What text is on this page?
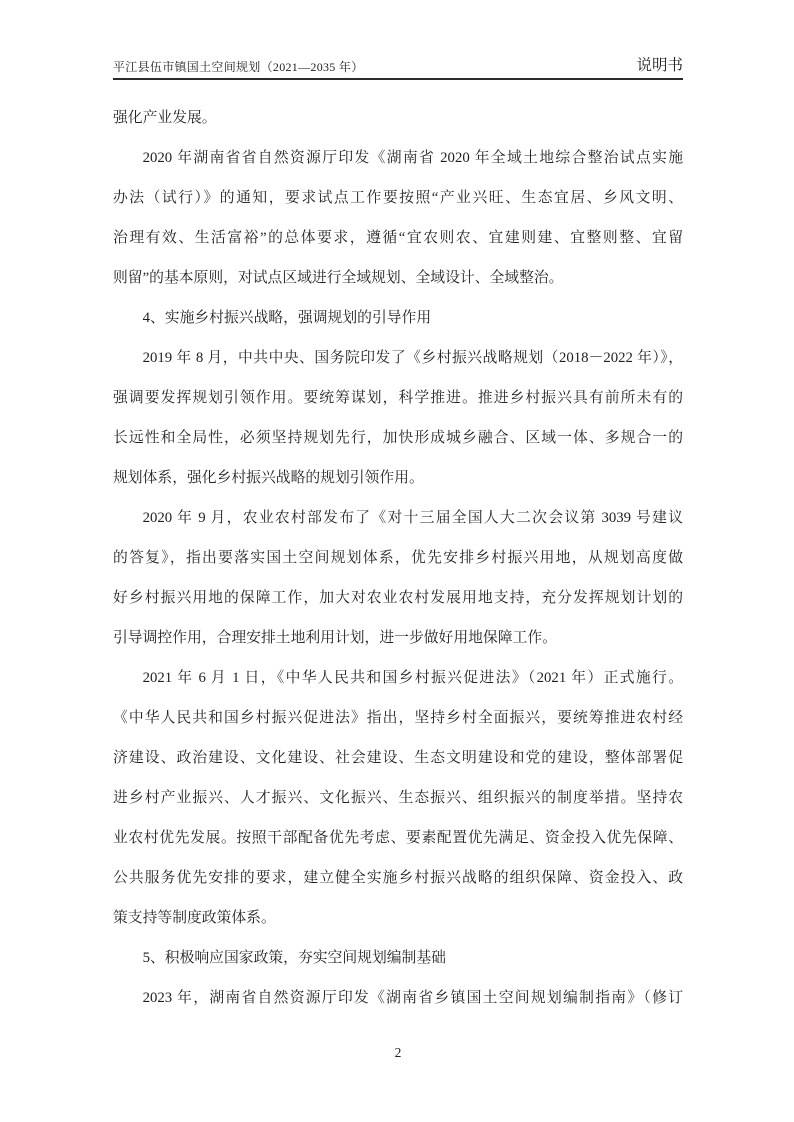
平江县伍市镇国土空间规划（2021—2035 年）	说明书
强化产业发展。
2020 年湖南省省自然资源厅印发《湖南省 2020 年全域土地综合整治试点实施
办法（试行）》的通知，要求试点工作要按照“产业兴旺、生态宜居、乡风文明、
治理有效、生活富裕”的总体要求，遵循“宜农则农、宜建则建、宜整则整、宜留
则留”的基本原则，对试点区域进行全域规划、全域设计、全域整治。
4、实施乡村振兴战略，强调规划的引导作用
2019 年 8 月，中共中央、国务院印发了《乡村振兴战略规划（2018－2022 年）》，
强调要发挥规划引领作用。要统筹谋划，科学推进。推进乡村振兴具有前所未有的
长远性和全局性，必须坚持规划先行，加快形成城乡融合、区域一体、多规合一的
规划体系，强化乡村振兴战略的规划引领作用。
2020 年 9 月，农业农村部发布了《对十三届全国人大二次会议第 3039 号建议
的答复》，指出要落实国土空间规划体系，优先安排乡村振兴用地，从规划高度做
好乡村振兴用地的保障工作，加大对农业农村发展用地支持，充分发挥规划计划的
引导调控作用，合理安排土地利用计划，进一步做好用地保障工作。
2021 年 6 月 1 日，《中华人民共和国乡村振兴促进法》（2021 年）正式施行。
《中华人民共和国乡村振兴促进法》指出，坚持乡村全面振兴，要统筹推进农村经
济建设、政治建设、文化建设、社会建设、生态文明建设和党的建设，整体部署促
进乡村产业振兴、人才振兴、文化振兴、生态振兴、组织振兴的制度举措。坚持农
业农村优先发展。按照干部配备优先考虑、要素配置优先满足、资金投入优先保障、
公共服务优先安排的要求，建立健全实施乡村振兴战略的组织保障、资金投入、政
策支持等制度政策体系。
5、积极响应国家政策，夯实空间规划编制基础
2023 年，湖南省自然资源厅印发《湖南省乡镇国土空间规划编制指南》（修订
2
